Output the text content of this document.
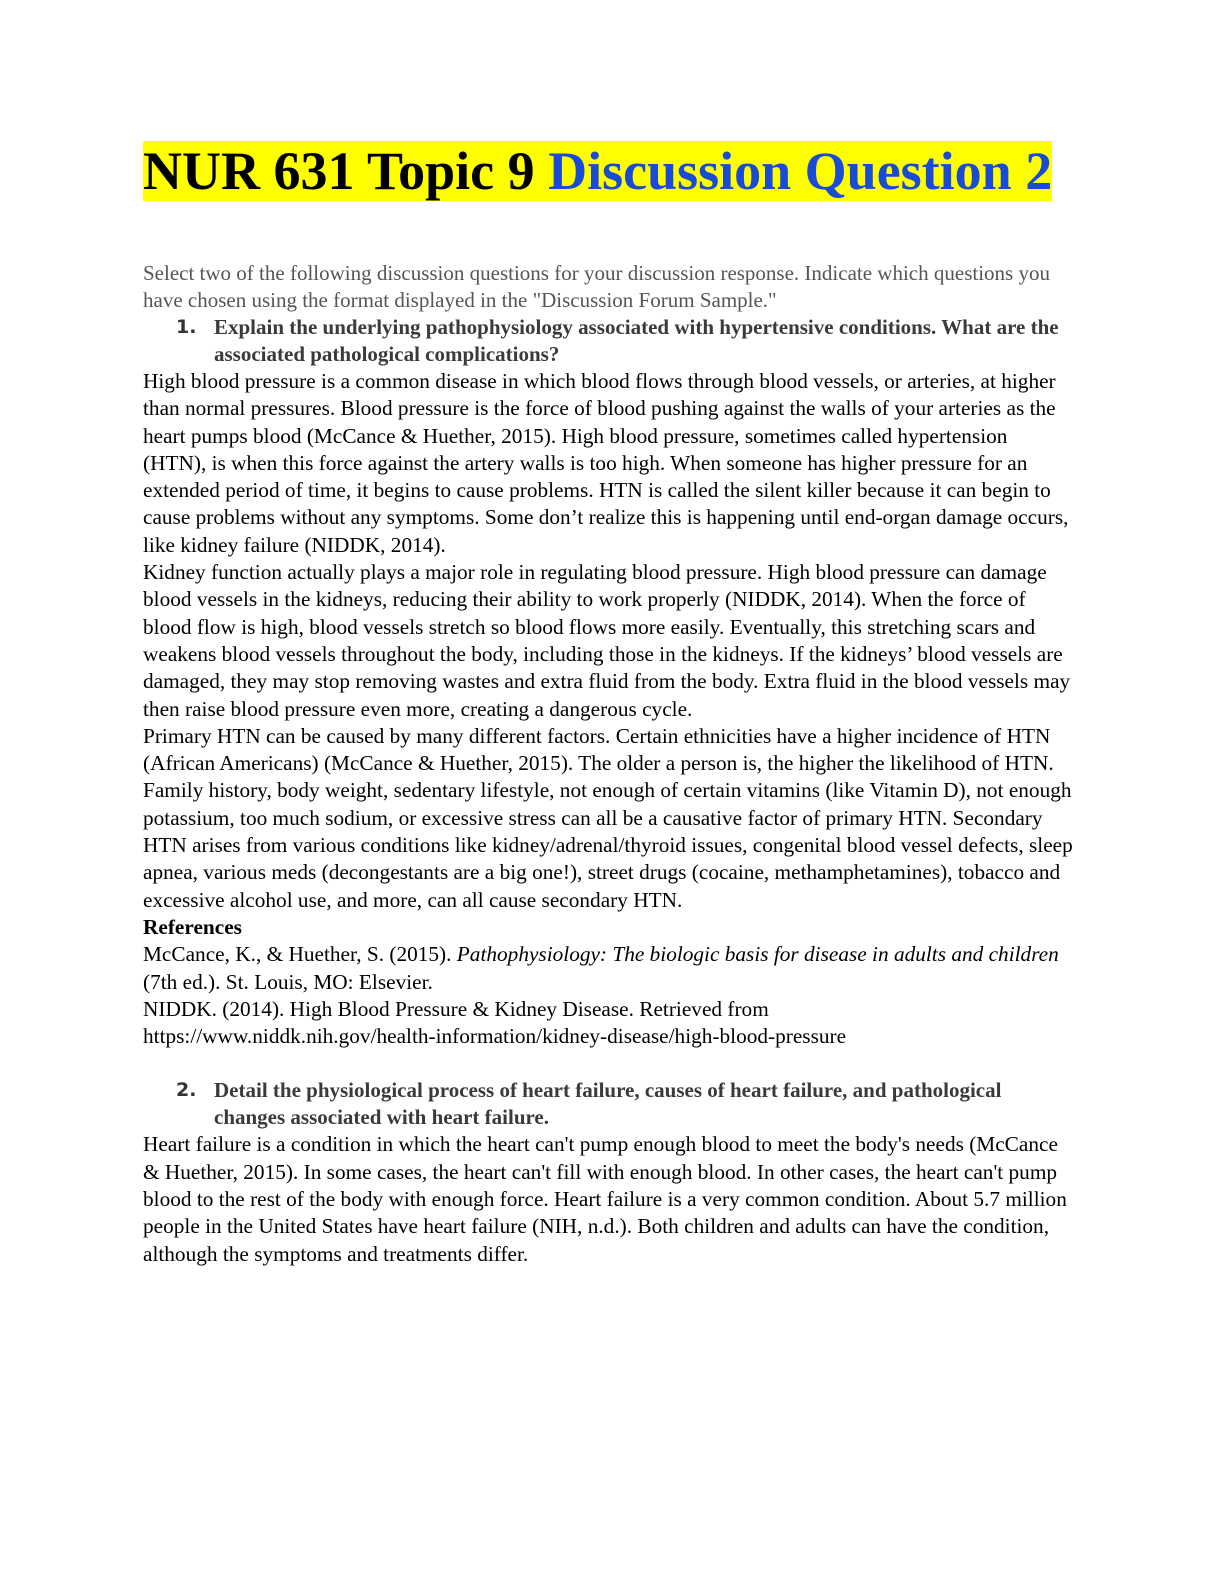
NUR 631 Topic 9 Discussion Question 2
Select two of the following discussion questions for your discussion response. Indicate which questions you have chosen using the format displayed in the "Discussion Forum Sample."
1. Explain the underlying pathophysiology associated with hypertensive conditions. What are the associated pathological complications?

High blood pressure is a common disease in which blood flows through blood vessels, or arteries, at higher than normal pressures. Blood pressure is the force of blood pushing against the walls of your arteries as the heart pumps blood (McCance & Huether, 2015). High blood pressure, sometimes called hypertension (HTN), is when this force against the artery walls is too high. When someone has higher pressure for an extended period of time, it begins to cause problems. HTN is called the silent killer because it can begin to cause problems without any symptoms. Some don’t realize this is happening until end-organ damage occurs, like kidney failure (NIDDK, 2014).

Kidney function actually plays a major role in regulating blood pressure. High blood pressure can damage blood vessels in the kidneys, reducing their ability to work properly (NIDDK, 2014). When the force of blood flow is high, blood vessels stretch so blood flows more easily. Eventually, this stretching scars and weakens blood vessels throughout the body, including those in the kidneys. If the kidneys’ blood vessels are damaged, they may stop removing wastes and extra fluid from the body. Extra fluid in the blood vessels may then raise blood pressure even more, creating a dangerous cycle.

Primary HTN can be caused by many different factors. Certain ethnicities have a higher incidence of HTN (African Americans) (McCance & Huether, 2015). The older a person is, the higher the likelihood of HTN. Family history, body weight, sedentary lifestyle, not enough of certain vitamins (like Vitamin D), not enough potassium, too much sodium, or excessive stress can all be a causative factor of primary HTN. Secondary HTN arises from various conditions like kidney/adrenal/thyroid issues, congenital blood vessel defects, sleep apnea, various meds (decongestants are a big one!), street drugs (cocaine, methamphetamines), tobacco and excessive alcohol use, and more, can all cause secondary HTN.

References

McCance, K., & Huether, S. (2015). Pathophysiology: The biologic basis for disease in adults and children (7th ed.). St. Louis, MO: Elsevier.

NIDDK. (2014). High Blood Pressure & Kidney Disease. Retrieved from
https://www.niddk.nih.gov/health-information/kidney-disease/high-blood-pressure
2. Detail the physiological process of heart failure, causes of heart failure, and pathological changes associated with heart failure.

Heart failure is a condition in which the heart can't pump enough blood to meet the body's needs (McCance & Huether, 2015). In some cases, the heart can't fill with enough blood. In other cases, the heart can't pump blood to the rest of the body with enough force. Heart failure is a very common condition. About 5.7 million people in the United States have heart failure (NIH, n.d.). Both children and adults can have the condition, although the symptoms and treatments differ.
